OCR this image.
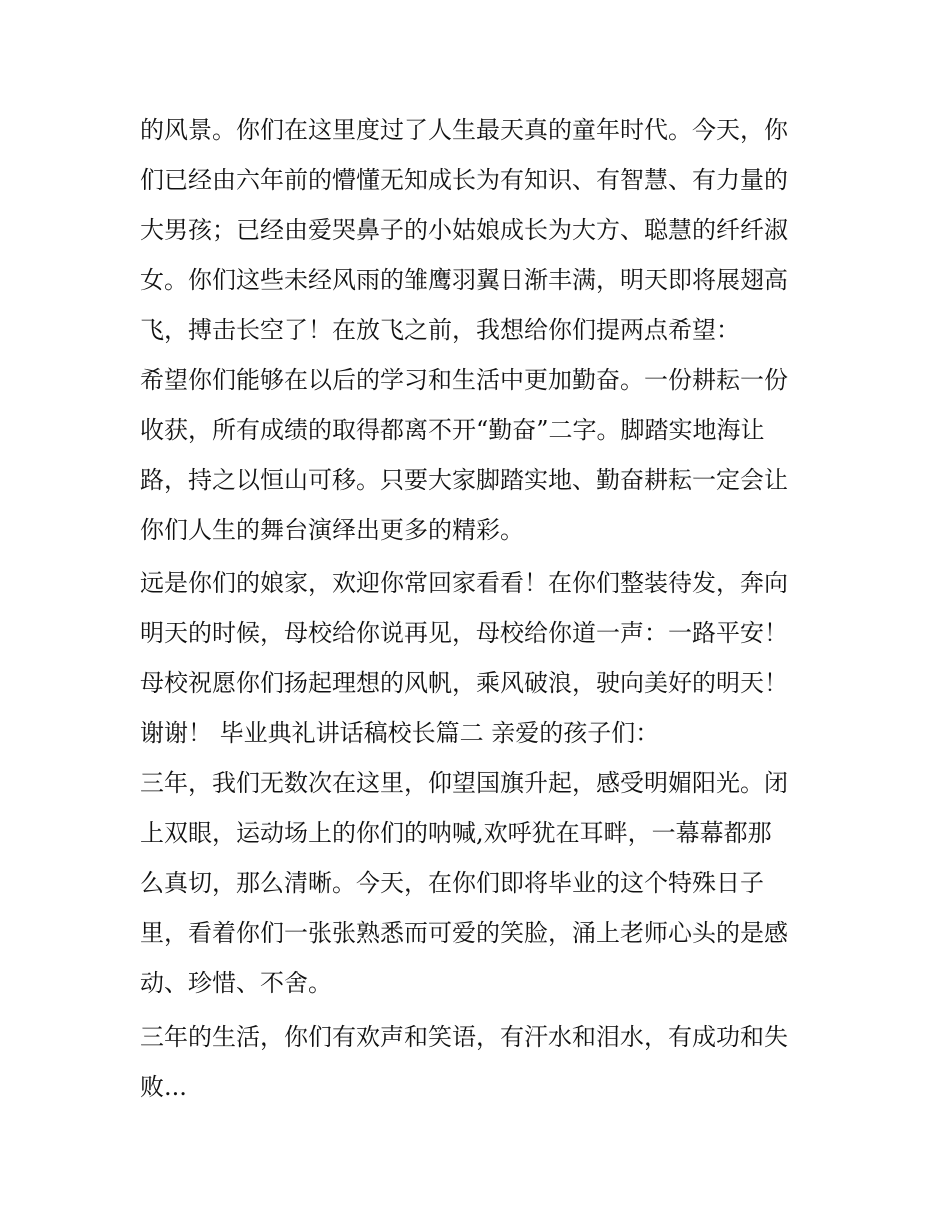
的风景。你们在这里度过了人生最天真的童年时代。今天，你
们已经由六年前的懵懂无知成长为有知识、有智慧、有力量的
大男孩；已经由爱哭鼻子的小姑娘成长为大方、聪慧的纤纤淑
女。你们这些未经风雨的雏鹰羽翼日渐丰满，明天即将展翅高
飞，搏击长空了！在放飞之前，我想给你们提两点希望：
希望你们能够在以后的学习和生活中更加勤奋。一份耕耘一份
收获，所有成绩的取得都离不开“勤奋”二字。脚踏实地海让
路，持之以恒山可移。只要大家脚踏实地、勤奋耕耘一定会让
你们人生的舞台演绎出更多的精彩。
远是你们的娘家，欢迎你常回家看看！在你们整装待发，奔向
明天的时候，母校给你说再见，母校给你道一声：一路平安！
母校祝愿你们扬起理想的风帆，乘风破浪，驶向美好的明天！
谢谢！ 毕业典礼讲话稿校长篇二 亲爱的孩子们：
三年，我们无数次在这里，仰望国旗升起，感受明媚阳光。闭
上双眼，运动场上的你们的呐喊,欢呼犹在耳畔，一幕幕都那
么真切，那么清晰。今天，在你们即将毕业的这个特殊日子
里，看着你们一张张熟悉而可爱的笑脸，涌上老师心头的是感
动、珍惜、不舍。
三年的生活，你们有欢声和笑语，有汗水和泪水，有成功和失
败...
